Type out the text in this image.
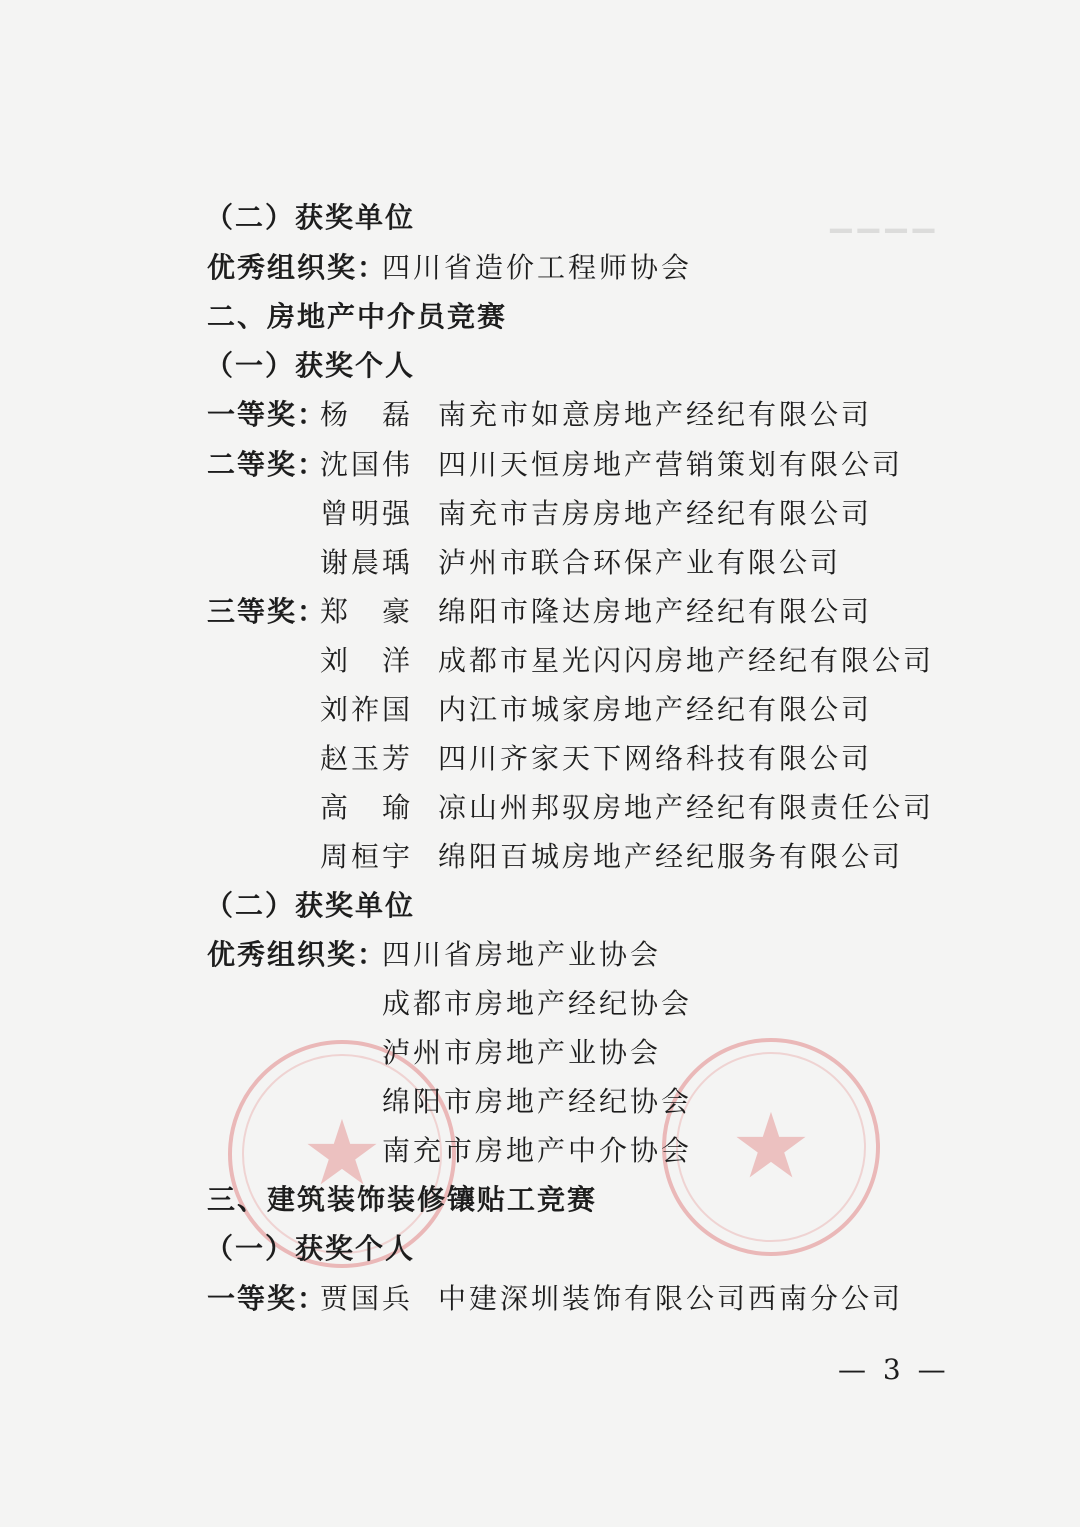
▁▁▁▁
★	★
（二）获奖单位
优秀组织奖：
四川省造价工程师协会
二、房地产中介员竞赛
（一）获奖个人
一等奖：
杨　磊 南充市如意房地产经纪有限公司
二等奖：
沈国伟 四川天恒房地产营销策划有限公司
曾明强 南充市吉房房地产经纪有限公司
谢晨瑀 泸州市联合环保产业有限公司
三等奖：
郑　豪 绵阳市隆达房地产经纪有限公司
刘　洋 成都市星光闪闪房地产经纪有限公司
刘祚国 内江市城家房地产经纪有限公司
赵玉芳 四川齐家天下网络科技有限公司
高　瑜 凉山州邦驭房地产经纪有限责任公司
周桓宇 绵阳百城房地产经纪服务有限公司
（二）获奖单位
优秀组织奖：
四川省房地产业协会
成都市房地产经纪协会
泸州市房地产业协会
绵阳市房地产经纪协会
南充市房地产中介协会
三、建筑装饰装修镶贴工竞赛
（一）获奖个人
一等奖：
贾国兵 中建深圳装饰有限公司西南分公司
— 3 —
